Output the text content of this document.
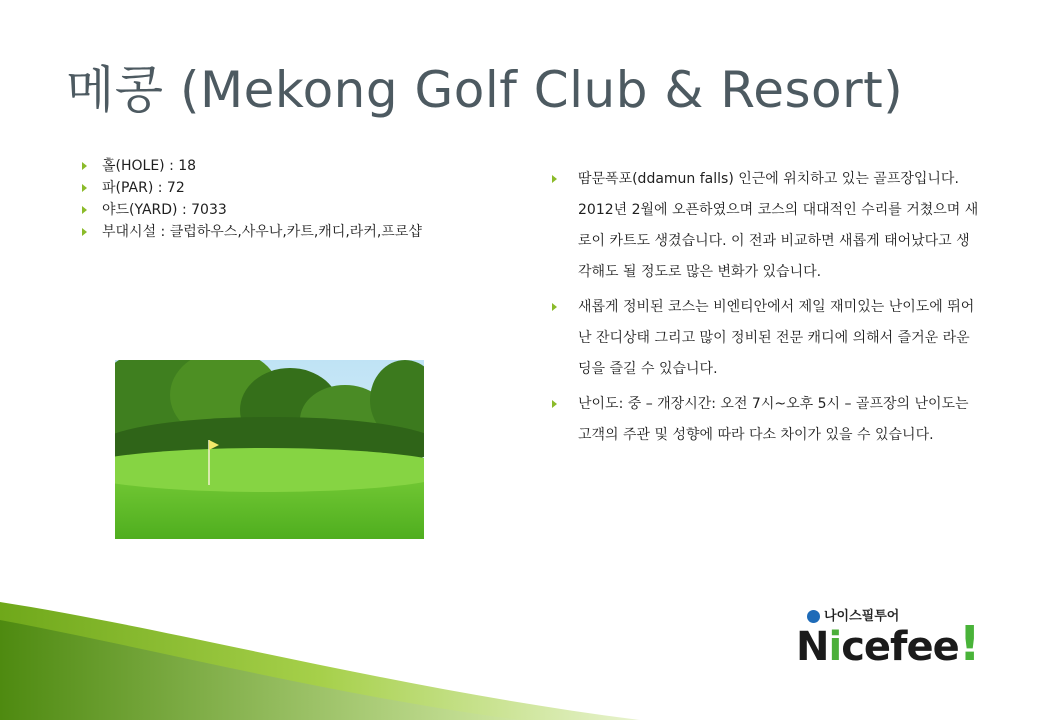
메콩 (Mekong Golf Club & Resort)
홀(HOLE) : 18
파(PAR) : 72
야드(YARD) : 7033
부대시설 : 클럽하우스,사우나,카트,캐디,라커,프로샵
땀문폭포(ddamun falls) 인근에 위치하고 있는 골프장입니다. 2012년 2월에 오픈하였으며 코스의 대대적인 수리를 거쳤으며 새로이 카트도 생겼습니다. 이 전과 비교하면 새롭게 태어났다고 생각해도 될 정도로 많은 변화가 있습니다.
새롭게 정비된 코스는 비엔티안에서 제일 재미있는 난이도에 뛰어난 잔디상태 그리고 많이 정비된 전문 캐디에 의해서 즐거운 라운딩을 즐길 수 있습니다.
난이도: 중 – 개장시간: 오전 7시~오후 5시 – 골프장의 난이도는 고객의 주관 및 성향에 따라 다소 차이가 있을 수 있습니다.
나이스필투어
Nicefee!
